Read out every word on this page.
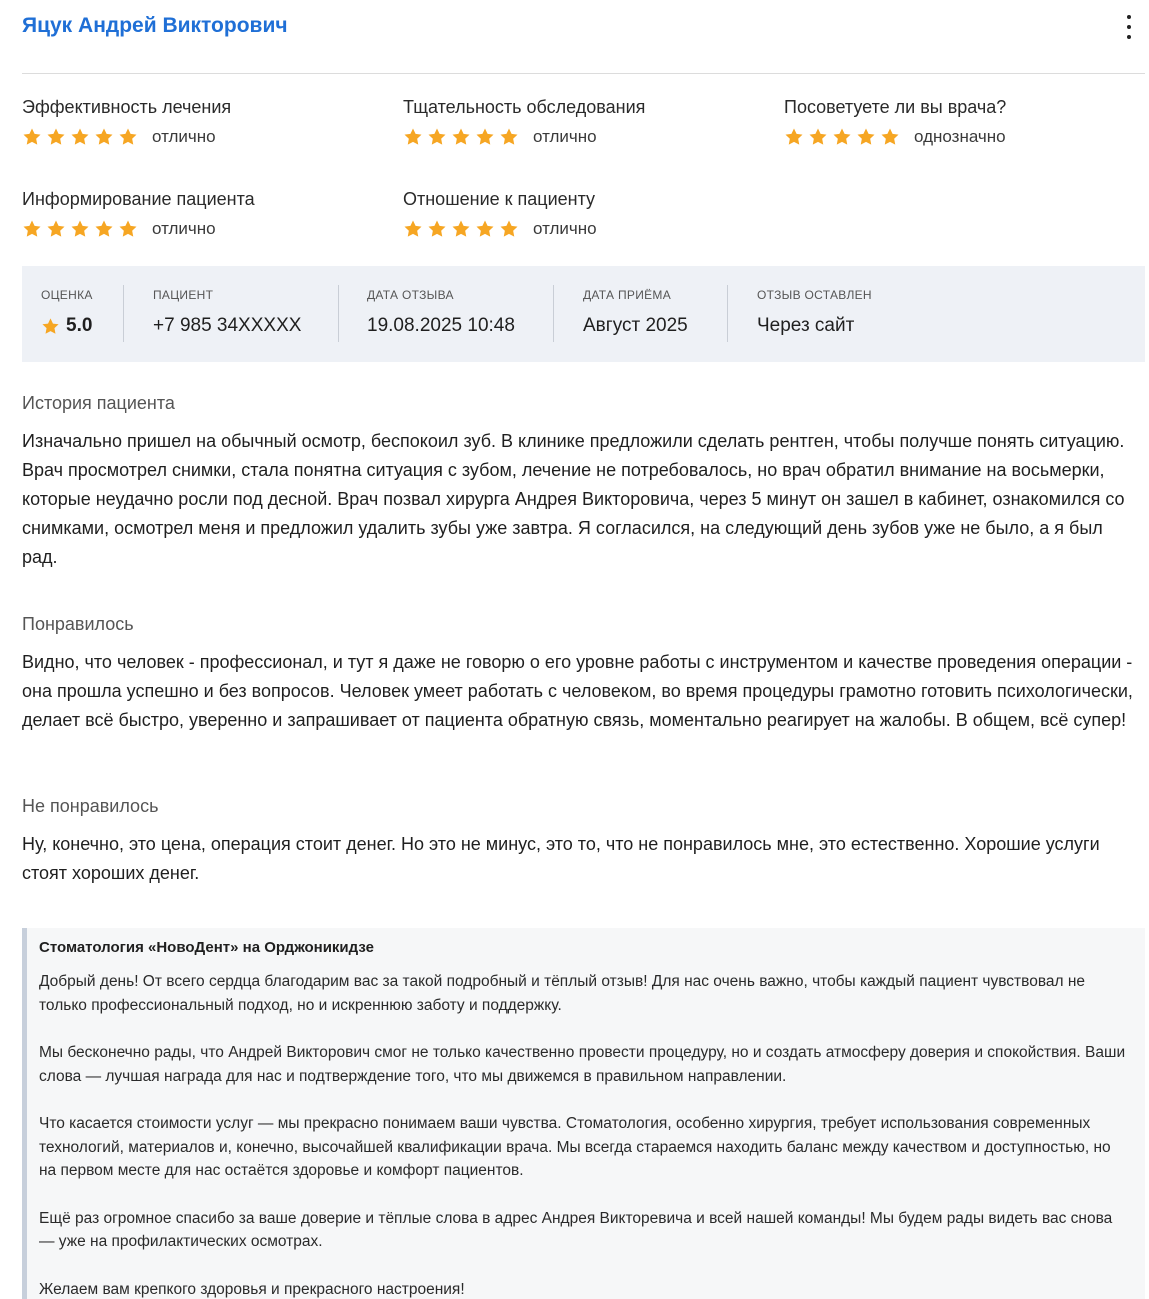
Яцук Андрей Викторович
Эффективность лечения
отлично
Тщательность обследования
отлично
Посоветуете ли вы врача?
однозначно
Информирование пациента
отлично
Отношение к пациенту
отлично
ОЦЕНКА
5.0
ПАЦИЕНТ
+7 985 34XXXXX
ДАТА ОТЗЫВА
19.08.2025 10:48
ДАТА ПРИЁМА
Август 2025
ОТЗЫВ ОСТАВЛЕН
Через сайт
История пациента
Изначально пришел на обычный осмотр, беспокоил зуб. В клинике предложили сделать рентген, чтобы получше понять ситуацию. Врач просмотрел снимки, стала понятна ситуация с зубом, лечение не потребовалось, но врач обратил внимание на восьмерки, которые неудачно росли под десной. Врач позвал хирурга Андрея Викторовича, через 5 минут он зашел в кабинет, ознакомился со снимками, осмотрел меня и предложил удалить зубы уже завтра. Я согласился, на следующий день зубов уже не было, а я был рад.
Понравилось
Видно, что человек - профессионал, и тут я даже не говорю о его уровне работы с инструментом и качестве проведения операции - она прошла успешно и без вопросов. Человек умеет работать с человеком, во время процедуры грамотно готовить психологически, делает всё быстро, уверенно и запрашивает от пациента обратную связь, моментально реагирует на жалобы. В общем, всё супер!
Не понравилось
Ну, конечно, это цена, операция стоит денег. Но это не минус, это то, что не понравилось мне, это естественно. Хорошие услуги стоят хороших денег.
Стоматология «НовоДент» на Орджоникидзе

Добрый день! От всего сердца благодарим вас за такой подробный и тёплый отзыв! Для нас очень важно, чтобы каждый пациент чувствовал не только профессиональный подход, но и искреннюю заботу и поддержку.

Мы бесконечно рады, что Андрей Викторович смог не только качественно провести процедуру, но и создать атмосферу доверия и спокойствия. Ваши слова — лучшая награда для нас и подтверждение того, что мы движемся в правильном направлении.

Что касается стоимости услуг — мы прекрасно понимаем ваши чувства. Стоматология, особенно хирургия, требует использования современных технологий, материалов и, конечно, высочайшей квалификации врача. Мы всегда стараемся находить баланс между качеством и доступностью, но на первом месте для нас остаётся здоровье и комфорт пациентов.

Ещё раз огромное спасибо за ваше доверие и тёплые слова в адрес Андрея Викторевича и всей нашей команды! Мы будем рады видеть вас снова — уже на профилактических осмотрах.

Желаем вам крепкого здоровья и прекрасного настроения!
